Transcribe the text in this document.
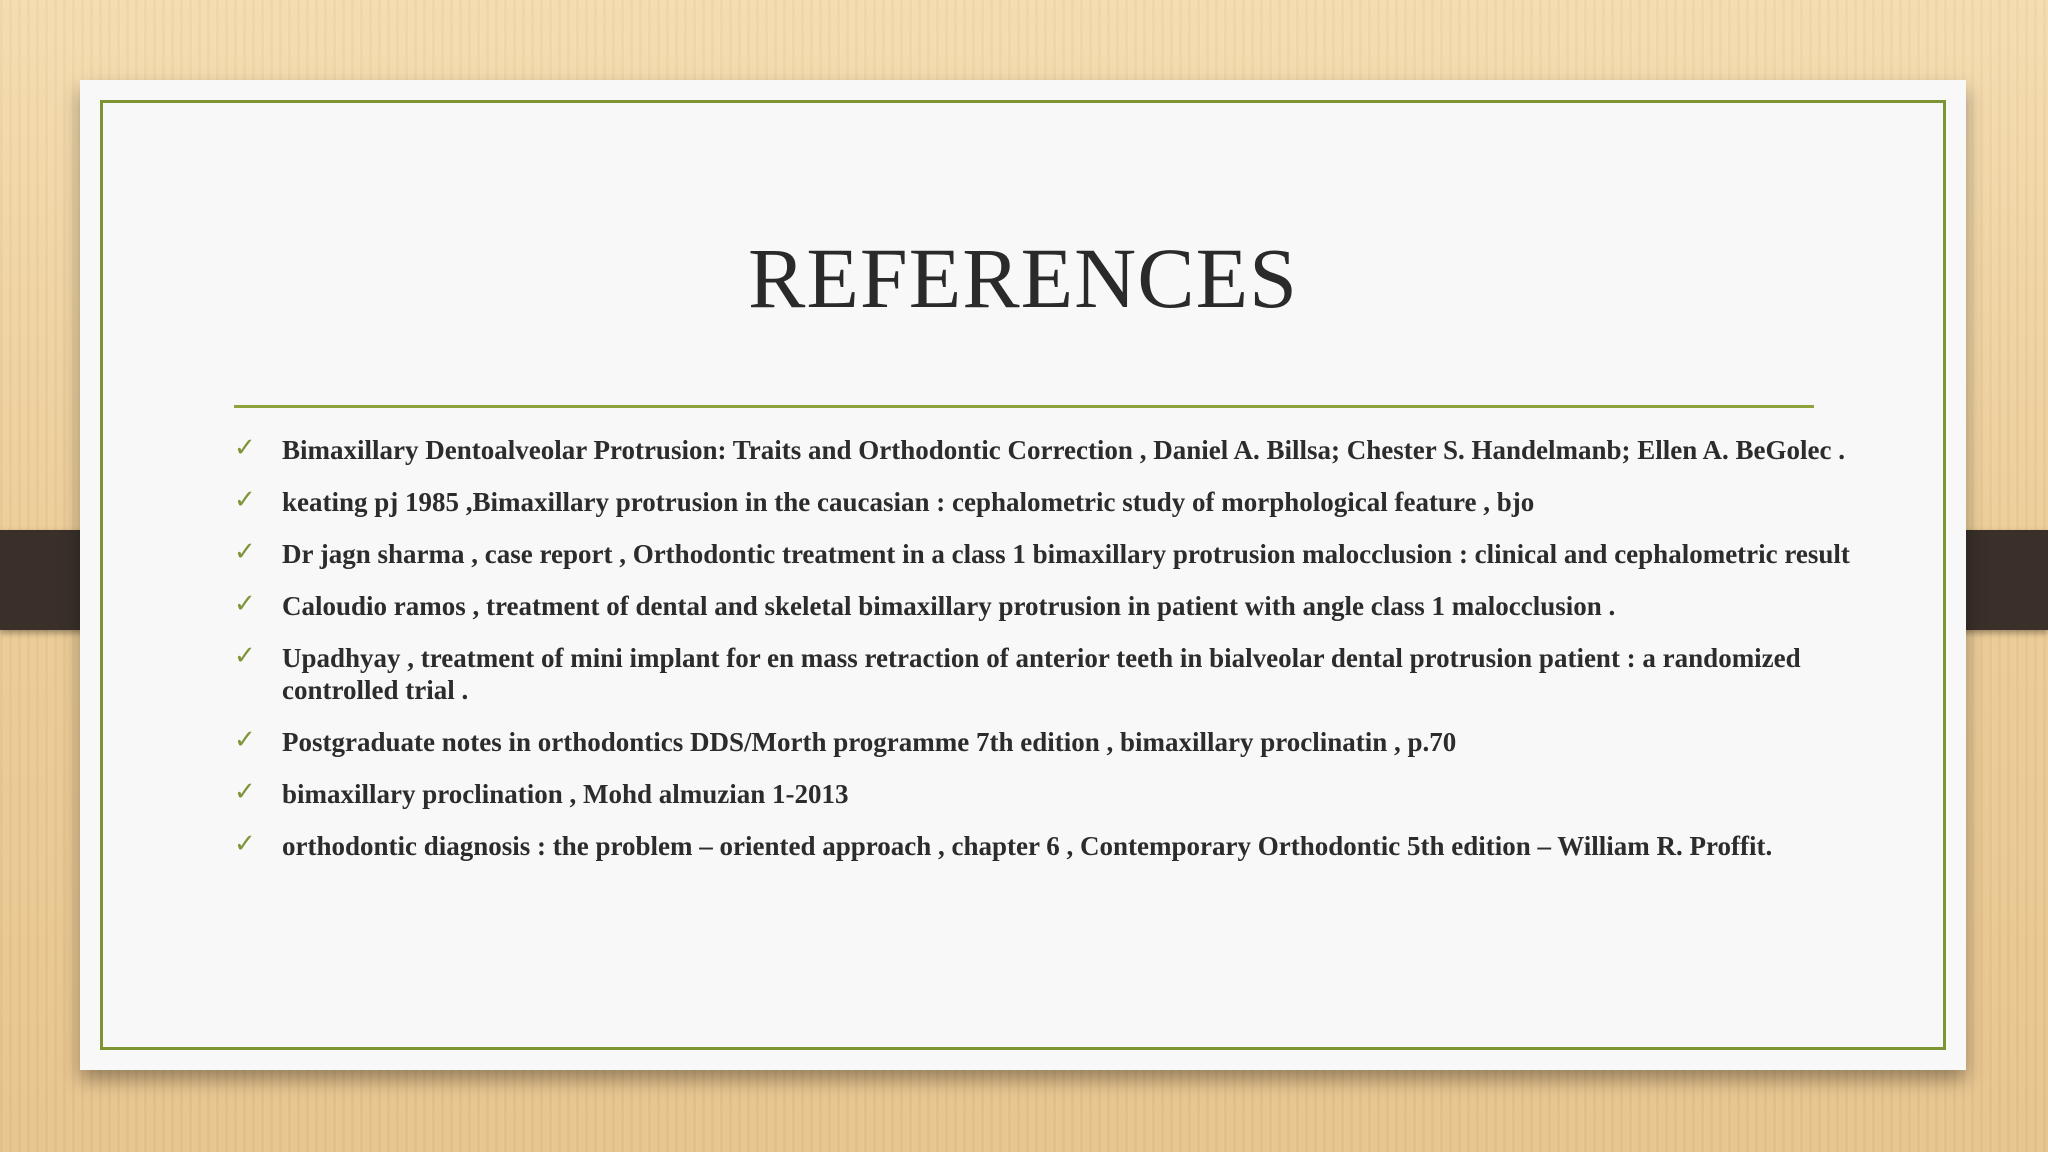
REFERENCES
✓ Bimaxillary Dentoalveolar Protrusion: Traits and Orthodontic Correction , Daniel A. Billsa; Chester S. Handelmanb; Ellen A. BeGolec .
✓ keating pj 1985 ,Bimaxillary protrusion in the caucasian : cephalometric study of morphological feature , bjo
✓ Dr jagn sharma , case report , Orthodontic treatment in a class 1 bimaxillary protrusion malocclusion : clinical and cephalometric result
✓ Caloudio ramos , treatment of dental and skeletal bimaxillary protrusion in patient with angle class 1 malocclusion .
✓ Upadhyay , treatment of mini implant for en mass retraction of anterior teeth in bialveolar dental protrusion patient : a randomized controlled trial .
✓ Postgraduate notes in orthodontics DDS/Morth programme 7th edition , bimaxillary proclinatin , p.70
✓ bimaxillary proclination , Mohd almuzian 1-2013
✓ orthodontic diagnosis : the problem – oriented approach , chapter 6 , Contemporary Orthodontic 5th edition – William R. Proffit.
